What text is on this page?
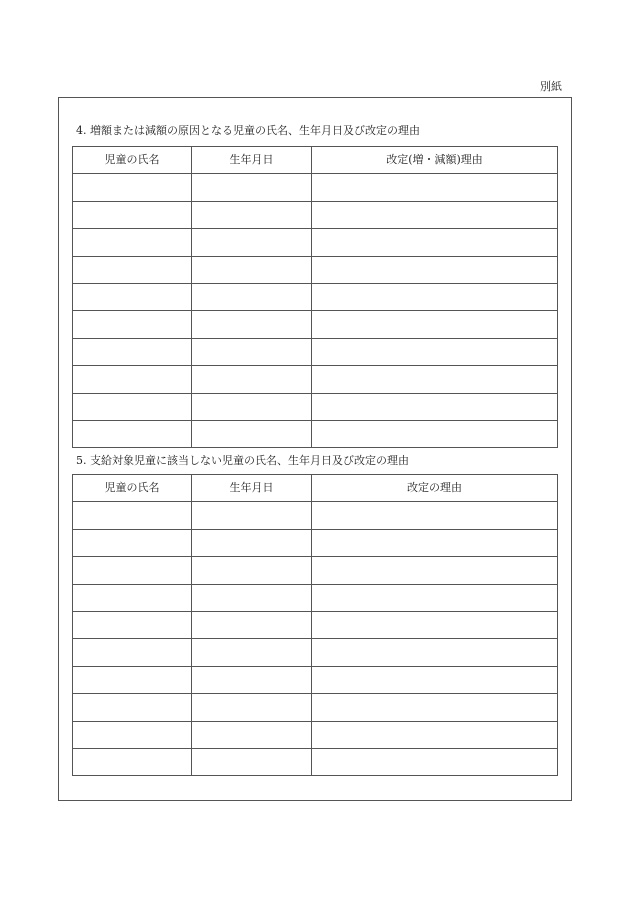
別紙
4. 増額または減額の原因となる児童の氏名、生年月日及び改定の理由
児童の氏名	生年月日	改定(増・減額)理由

5. 支給対象児童に該当しない児童の氏名、生年月日及び改定の理由
児童の氏名	生年月日	改定の理由
